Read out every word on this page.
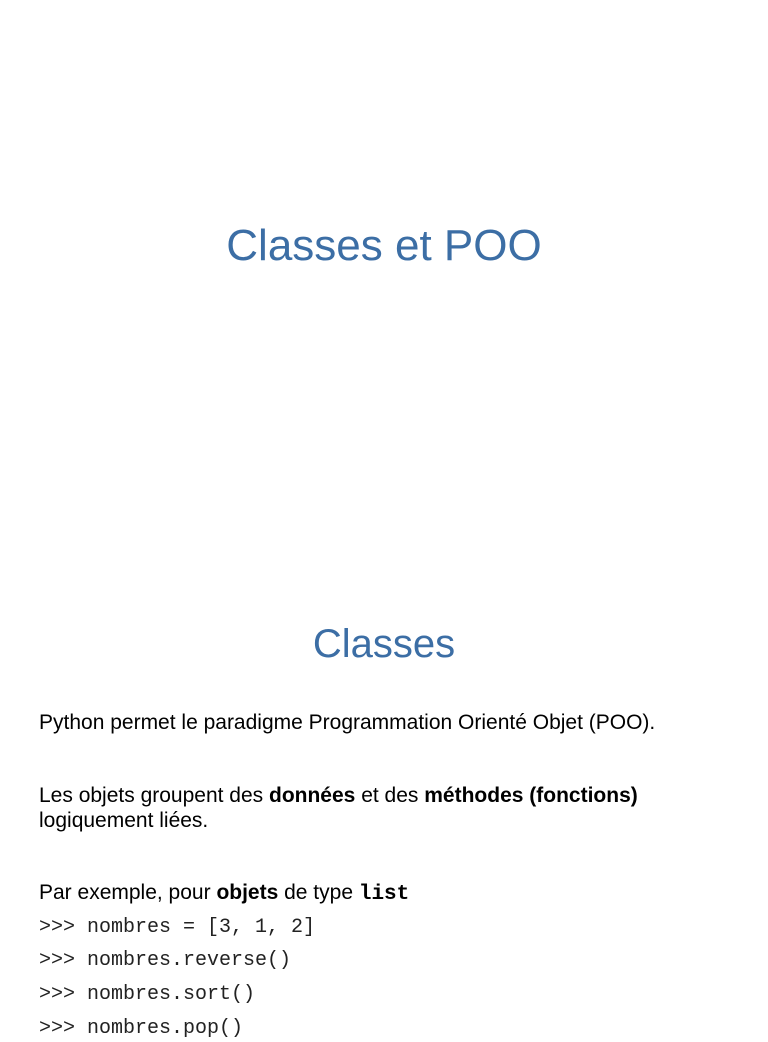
Classes et POO
Classes
Python permet le paradigme Programmation Orienté Objet (POO).
Les objets groupent des données et des méthodes (fonctions)
logiquement liées.
Par exemple, pour objets de type list
>>> nombres = [3, 1, 2]
>>> nombres.reverse()
>>> nombres.sort()
>>> nombres.pop()
